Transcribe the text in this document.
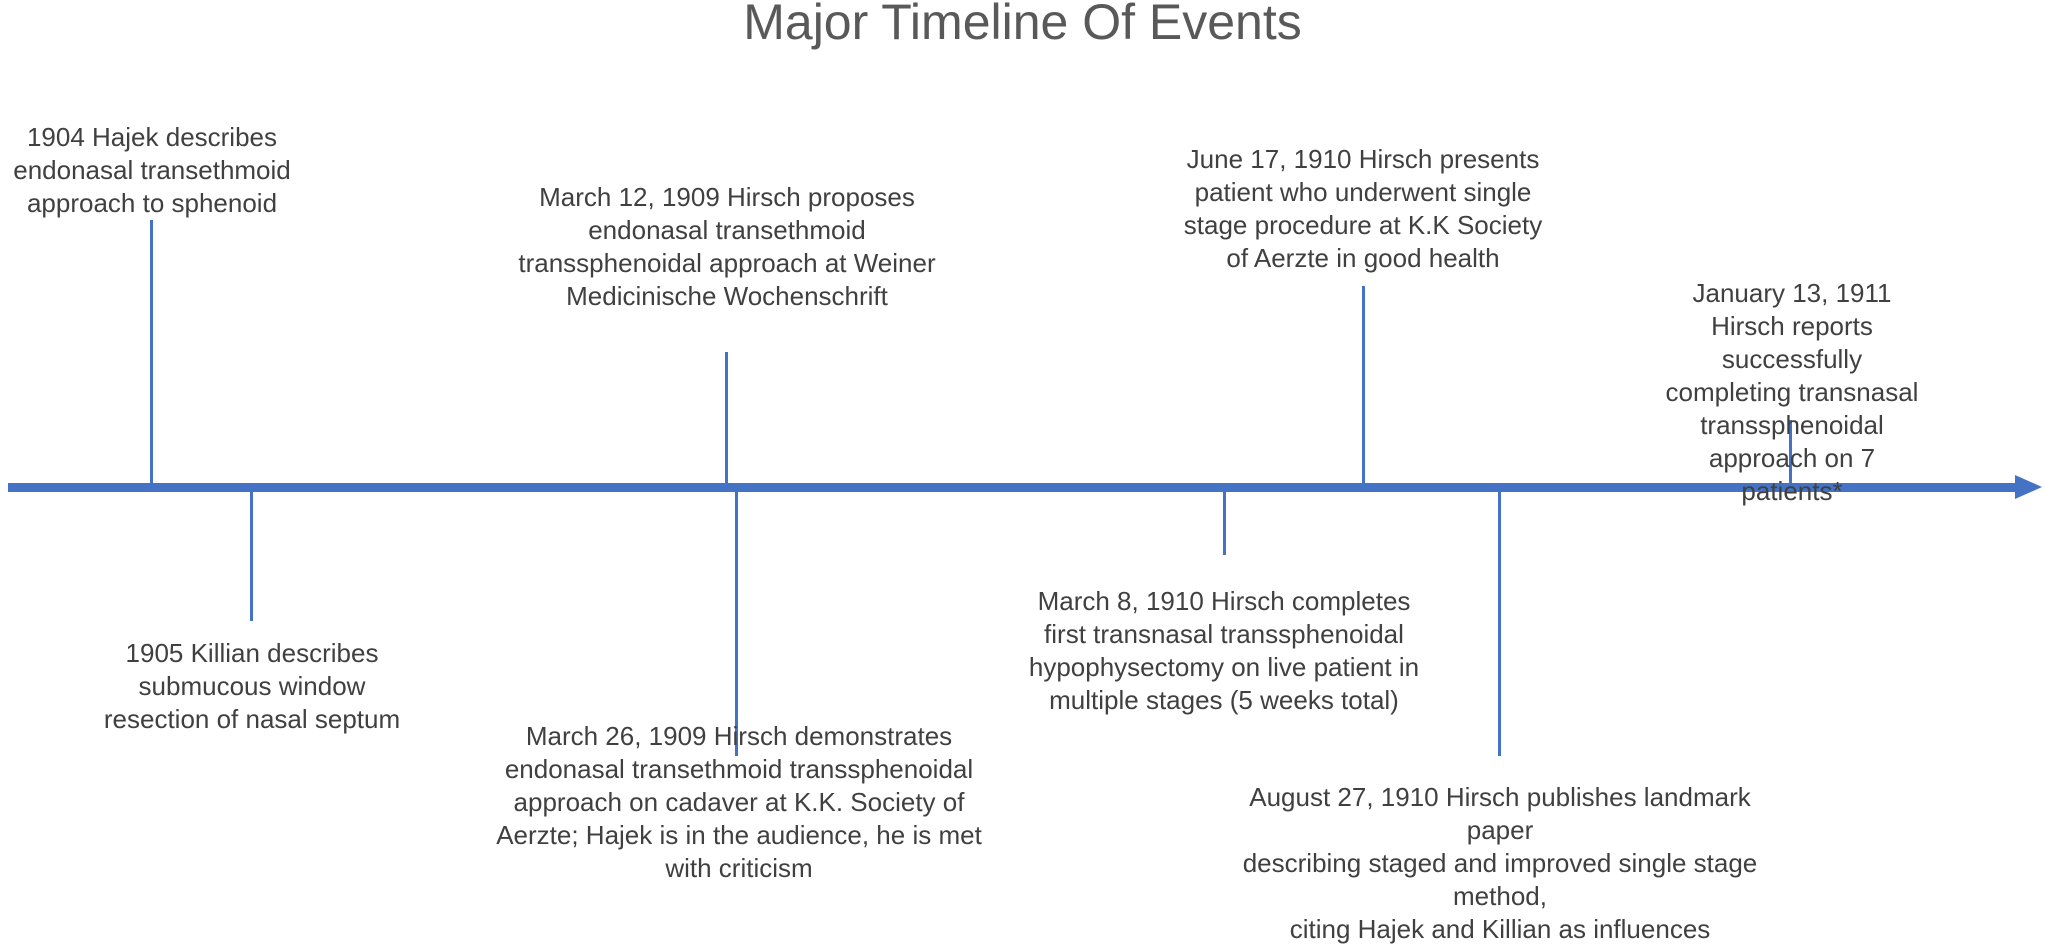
Major Timeline Of Events
1904 Hajek describes
endonasal transethmoid
approach to sphenoid
1905 Killian describes
submucous window
resection of nasal septum
March 12, 1909 Hirsch proposes
endonasal transethmoid
transsphenoidal approach at Weiner
Medicinische Wochenschrift
March 26, 1909 Hirsch demonstrates
endonasal transethmoid transsphenoidal
approach on cadaver at K.K. Society of
Aerzte; Hajek is in the audience, he is met
with criticism
March 8, 1910 Hirsch completes
first transnasal transsphenoidal
hypophysectomy on live patient in
multiple stages (5 weeks total)
June 17, 1910 Hirsch presents
patient who underwent single
stage procedure at K.K Society
of Aerzte in good health
August 27, 1910 Hirsch publishes landmark paper
describing staged and improved single stage method,
citing Hajek and Killian as influences
January 13, 1911 Hirsch reports
successfully completing transnasal
transsphenoidal approach on 7 patients*
